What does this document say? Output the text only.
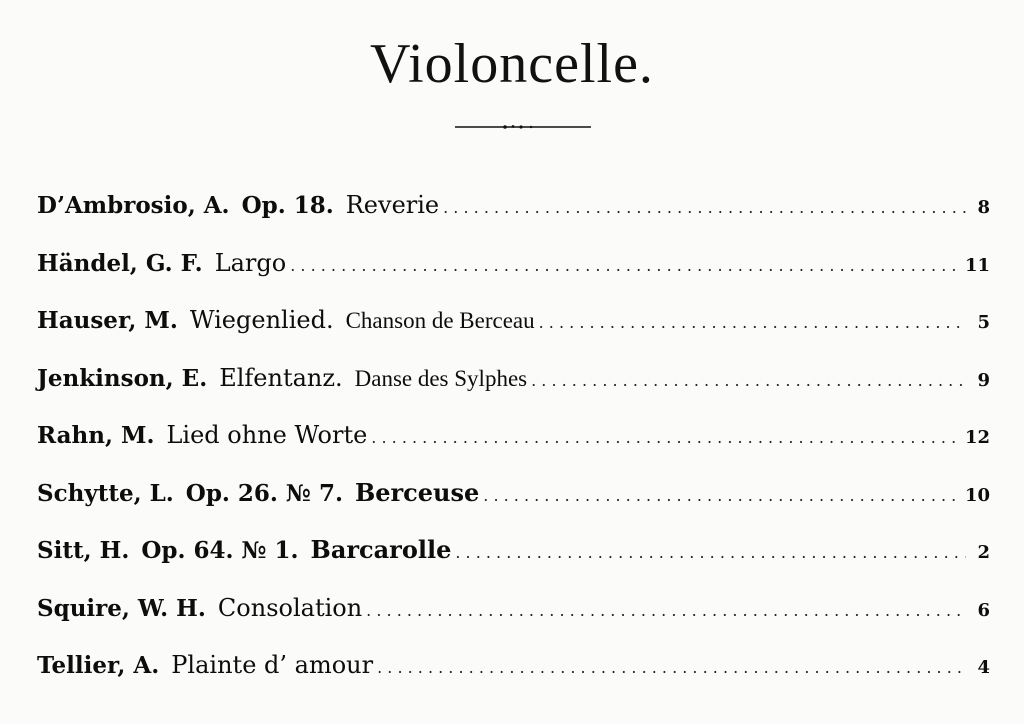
Violoncelle.
D’Ambrosio, A. Op. 18. Reverie . . .	8
Händel, G. F. Largo . . .	11
Hauser, M. Wiegenlied. Chanson de Berceau . . .	5
Jenkinson, E. Elfentanz. Danse des Sylphes . . .	9
Rahn, M. Lied ohne Worte . . .	12
Schytte, L. Op. 26. № 7. Berceuse . . .	10
Sitt, H. Op. 64. № 1. Barcarolle . . .	2
Squire, W. H. Consolation . . .	6
Tellier, A. Plainte d’ amour . . .	4
